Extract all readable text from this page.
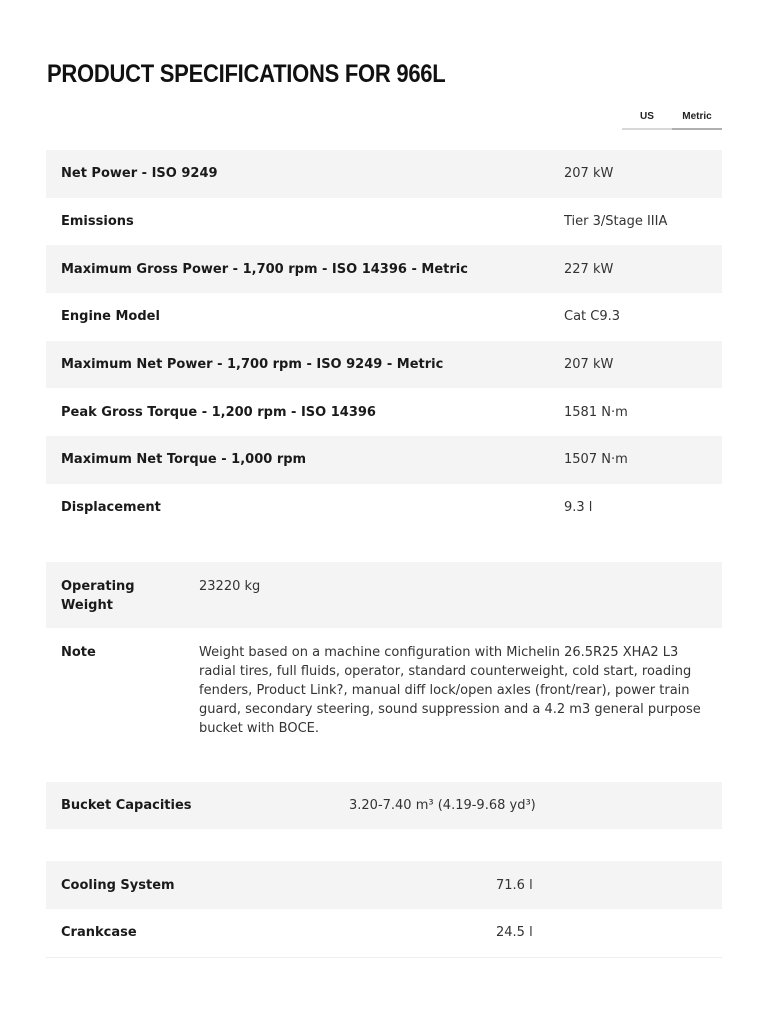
PRODUCT SPECIFICATIONS FOR 966L
US	Metric
Net Power - ISO 9249	207 kW
Emissions	Tier 3/Stage IIIA
Maximum Gross Power - 1,700 rpm - ISO 14396 - Metric	227 kW
Engine Model	Cat C9.3
Maximum Net Power - 1,700 rpm - ISO 9249 - Metric	207 kW
Peak Gross Torque - 1,200 rpm - ISO 14396	1581 N·m
Maximum Net Torque - 1,000 rpm	1507 N·m
Displacement	9.3 l
Operating Weight	23220 kg
Note	Weight based on a machine configuration with Michelin 26.5R25 XHA2 L3 radial tires, full fluids, operator, standard counterweight, cold start, roading fenders, Product Link?, manual diff lock/open axles (front/rear), power train guard, secondary steering, sound suppression and a 4.2 m3 general purpose bucket with BOCE.
Bucket Capacities	3.20-7.40 m³ (4.19-9.68 yd³)
Cooling System	71.6 l
Crankcase	24.5 l
